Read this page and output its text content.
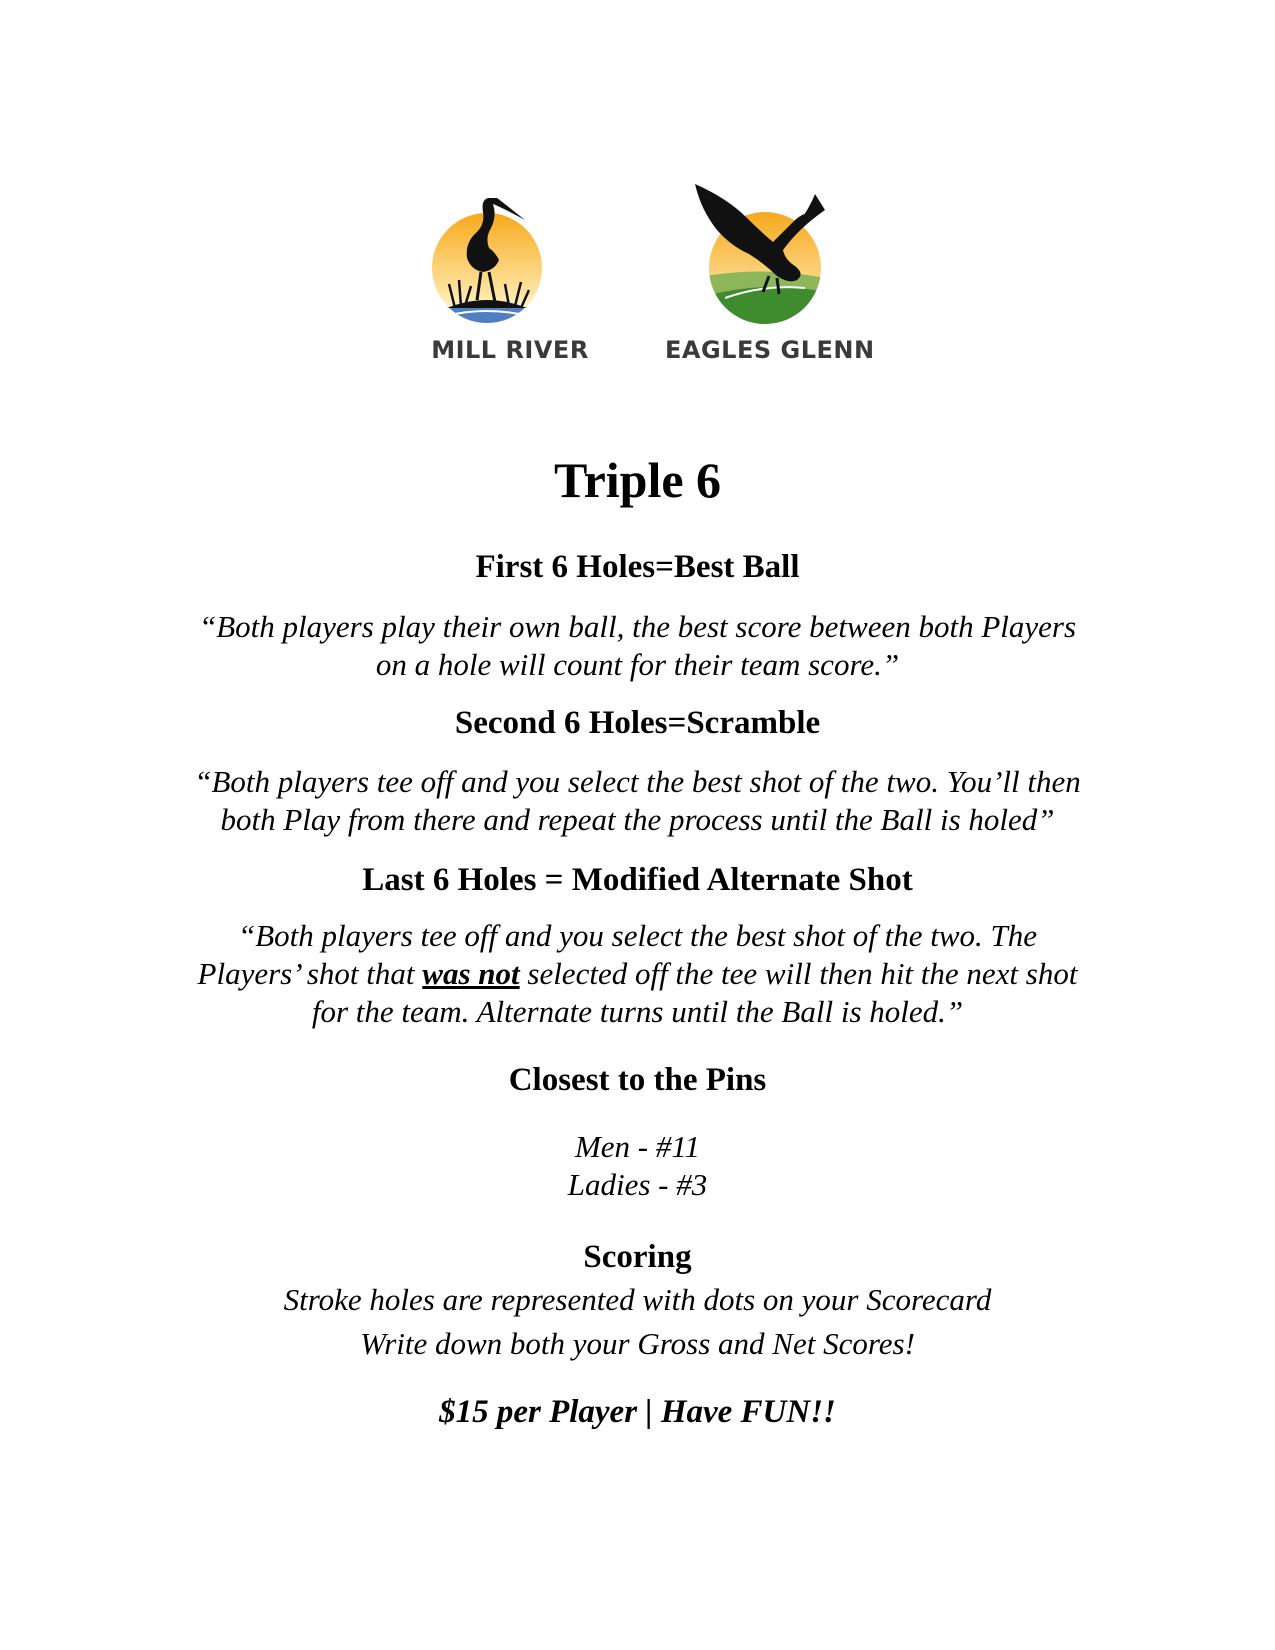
MILL RIVER	EAGLES GLENN
Triple 6
First 6 Holes=Best Ball
“Both players play their own ball, the best score between both Players
on a hole will count for their team score.”
Second 6 Holes=Scramble
“Both players tee off and you select the best shot of the two. You’ll then
both Play from there and repeat the process until the Ball is holed”
Last 6 Holes = Modified Alternate Shot
“Both players tee off and you select the best shot of the two. The
Players’ shot that was not selected off the tee will then hit the next shot
for the team. Alternate turns until the Ball is holed.”
Closest to the Pins
Men - #11
Ladies - #3
Scoring
Stroke holes are represented with dots on your Scorecard
Write down both your Gross and Net Scores!
$15 per Player | Have FUN!!
